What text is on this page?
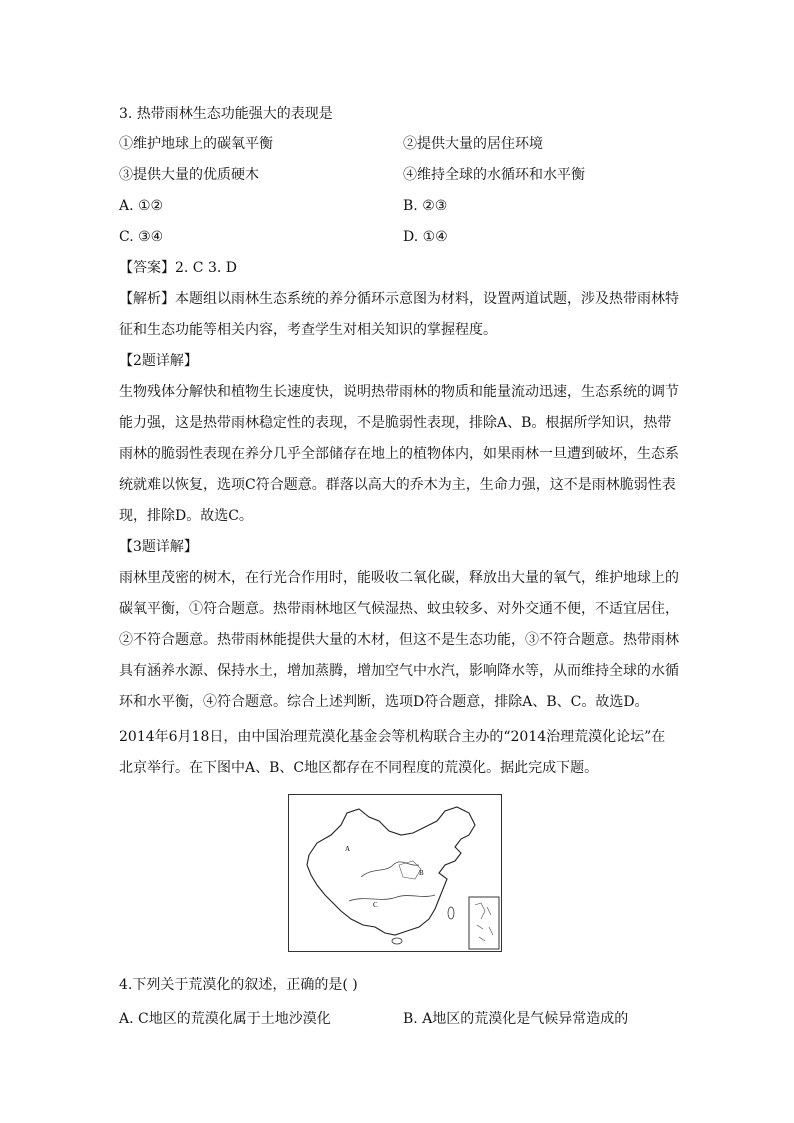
3. 热带雨林生态功能强大的表现是
①维护地球上的碳氧平衡	②提供大量的居住环境
③提供大量的优质硬木	④维持全球的水循环和水平衡
A. ①②	B. ②③
C. ③④	D. ①④
【答案】2. C 3. D
【解析】本题组以雨林生态系统的养分循环示意图为材料，设置两道试题，涉及热带雨林特
征和生态功能等相关内容，考查学生对相关知识的掌握程度。
【2题详解】
生物残体分解快和植物生长速度快，说明热带雨林的物质和能量流动迅速，生态系统的调节
能力强，这是热带雨林稳定性的表现，不是脆弱性表现，排除A、B。根据所学知识，热带
雨林的脆弱性表现在养分几乎全部储存在地上的植物体内，如果雨林一旦遭到破坏，生态系
统就难以恢复，选项C符合题意。群落以高大的乔木为主，生命力强，这不是雨林脆弱性表
现，排除D。故选C。
【3题详解】
雨林里茂密的树木，在行光合作用时，能吸收二氧化碳，释放出大量的氧气，维护地球上的
碳氧平衡，①符合题意。热带雨林地区气候湿热、蚊虫较多、对外交通不便，不适宜居住，
②不符合题意。热带雨林能提供大量的木材，但这不是生态功能，③不符合题意。热带雨林
具有涵养水源、保持水土，增加蒸腾，增加空气中水汽，影响降水等，从而维持全球的水循
环和水平衡，④符合题意。综合上述判断，选项D符合题意，排除A、B、C。故选D。
2014年6月18日，由中国治理荒漠化基金会等机构联合主办的“2014治理荒漠化论坛”在
北京举行。在下图中A、B、C地区都存在不同程度的荒漠化。据此完成下题。
A
B
C
4.下列关于荒漠化的叙述，正确的是( )
A. C地区的荒漠化属于土地沙漠化	B. A地区的荒漠化是气候异常造成的
